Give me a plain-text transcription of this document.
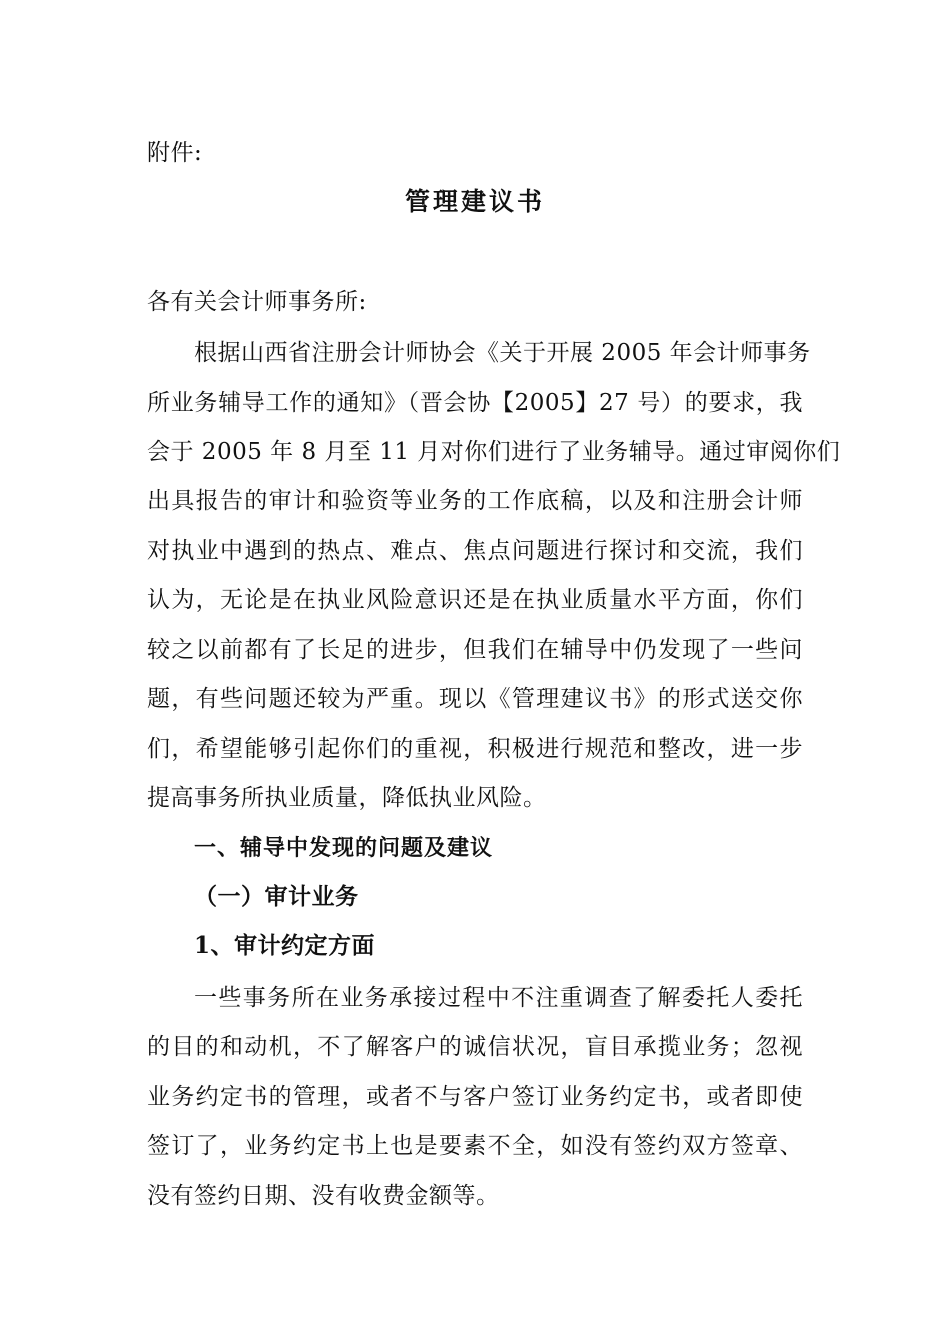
附件:
管理建议书
各有关会计师事务所:
根据山西省注册会计师协会《关于开展 2005 年会计师事务
所业务辅导工作的通知》（晋会协【2005】27 号）的要求，我
会于 2005 年 8 月至 11 月对你们进行了业务辅导。通过审阅你们
出具报告的审计和验资等业务的工作底稿，以及和注册会计师
对执业中遇到的热点、难点、焦点问题进行探讨和交流，我们
认为，无论是在执业风险意识还是在执业质量水平方面，你们
较之以前都有了长足的进步，但我们在辅导中仍发现了一些问
题，有些问题还较为严重。现以《管理建议书》的形式送交你
们，希望能够引起你们的重视，积极进行规范和整改，进一步
提高事务所执业质量，降低执业风险。
一、辅导中发现的问题及建议
（一）审计业务
1、审计约定方面
一些事务所在业务承接过程中不注重调查了解委托人委托
的目的和动机，不了解客户的诚信状况，盲目承揽业务；忽视
业务约定书的管理，或者不与客户签订业务约定书，或者即使
签订了，业务约定书上也是要素不全，如没有签约双方签章、
没有签约日期、没有收费金额等。
